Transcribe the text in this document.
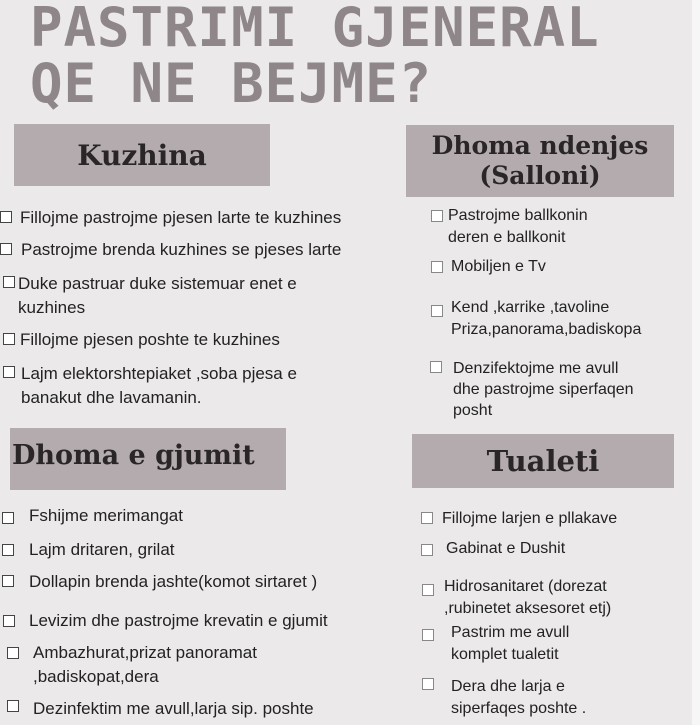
PASTRIMI GJENERAL QE NE BEJME?
Kuzhina
Fillojme pastrojme pjesen larte te kuzhines
Pastrojme brenda kuzhines se pjeses larte
Duke pastruar duke sistemuar enet e
kuzhines
Fillojme pjesen poshte te kuzhines
Lajm elektorshtepiaket ,soba pjesa e
banakut dhe lavamanin.
Dhoma ndenjes
(Salloni)
Pastrojme ballkonin
deren e ballkonit
Mobiljen e Tv
Kend ,karrike ,tavoline
Priza,panorama,badiskopa
Denzifektojme me avull
dhe pastrojme siperfaqen
posht
Dhoma e gjumit
Fshijme merimangat
Lajm dritaren, grilat
Dollapin brenda jashte(komot sirtaret )
Levizim dhe pastrojme krevatin e gjumit
Ambazhurat,prizat panoramat
,badiskopat,dera
Dezinfektim me avull,larja sip. poshte
Tualeti
Fillojme larjen e pllakave
Gabinat e Dushit
Hidrosanitaret (dorezat
,rubinetet aksesoret etj)
Pastrim me avull
komplet tualetit
Dera dhe larja e
siperfaqes poshte .
